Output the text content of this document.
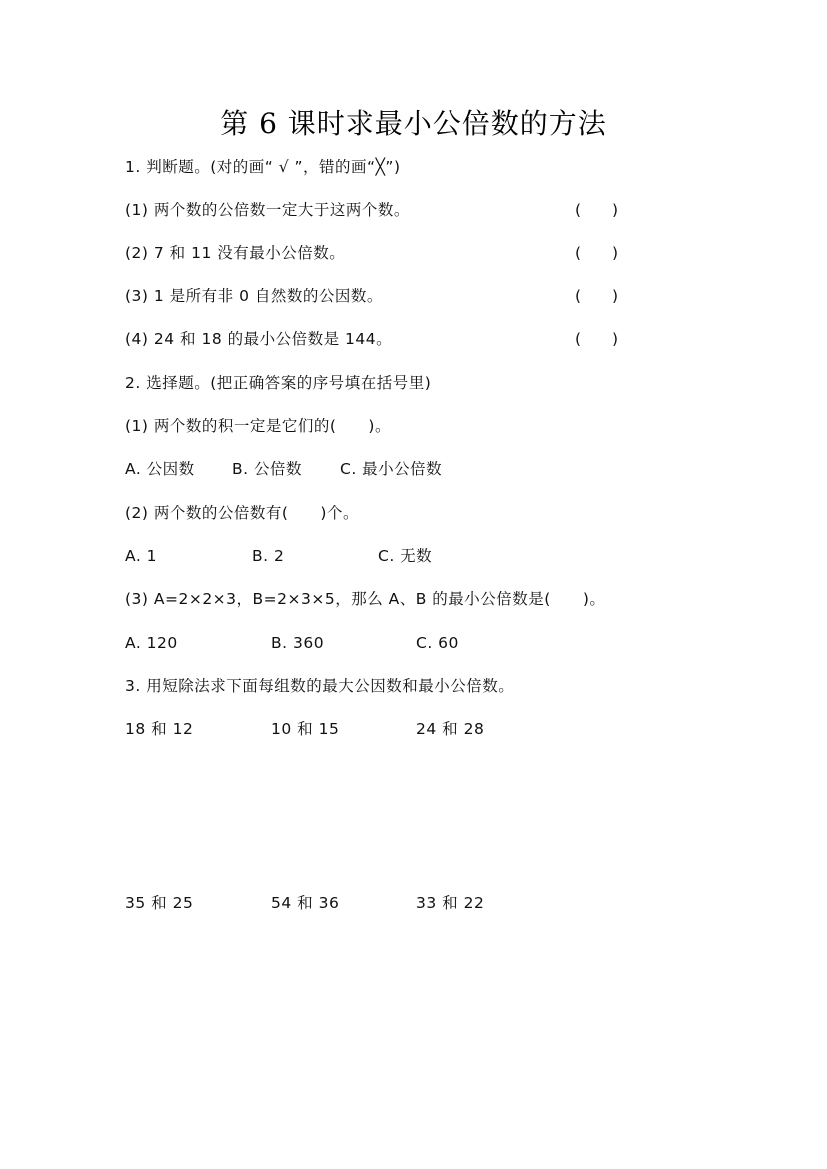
第 6 课时求最小公倍数的方法
1. 判断题。(对的画“ √ ”，错的画“╳”)
(1) 两个数的公倍数一定大于这两个数。	(　　)
(2) 7 和 11 没有最小公倍数。	(　　)
(3) 1 是所有非 0 自然数的公因数。	(　　)
(4) 24 和 18 的最小公倍数是 144。	(　　)
2. 选择题。(把正确答案的序号填在括号里)
(1) 两个数的积一定是它们的(　　)。
A. 公因数 B. 公倍数 C. 最小公倍数
(2) 两个数的公倍数有(　　)个。
A. 1	B. 2	C. 无数
(3) A=2×2×3，B=2×3×5，那么 A、B 的最小公倍数是(　　)。
A. 120	B. 360	C. 60
3. 用短除法求下面每组数的最大公因数和最小公倍数。
18 和 12	10 和 15	24 和 28
35 和 25	54 和 36	33 和 22
